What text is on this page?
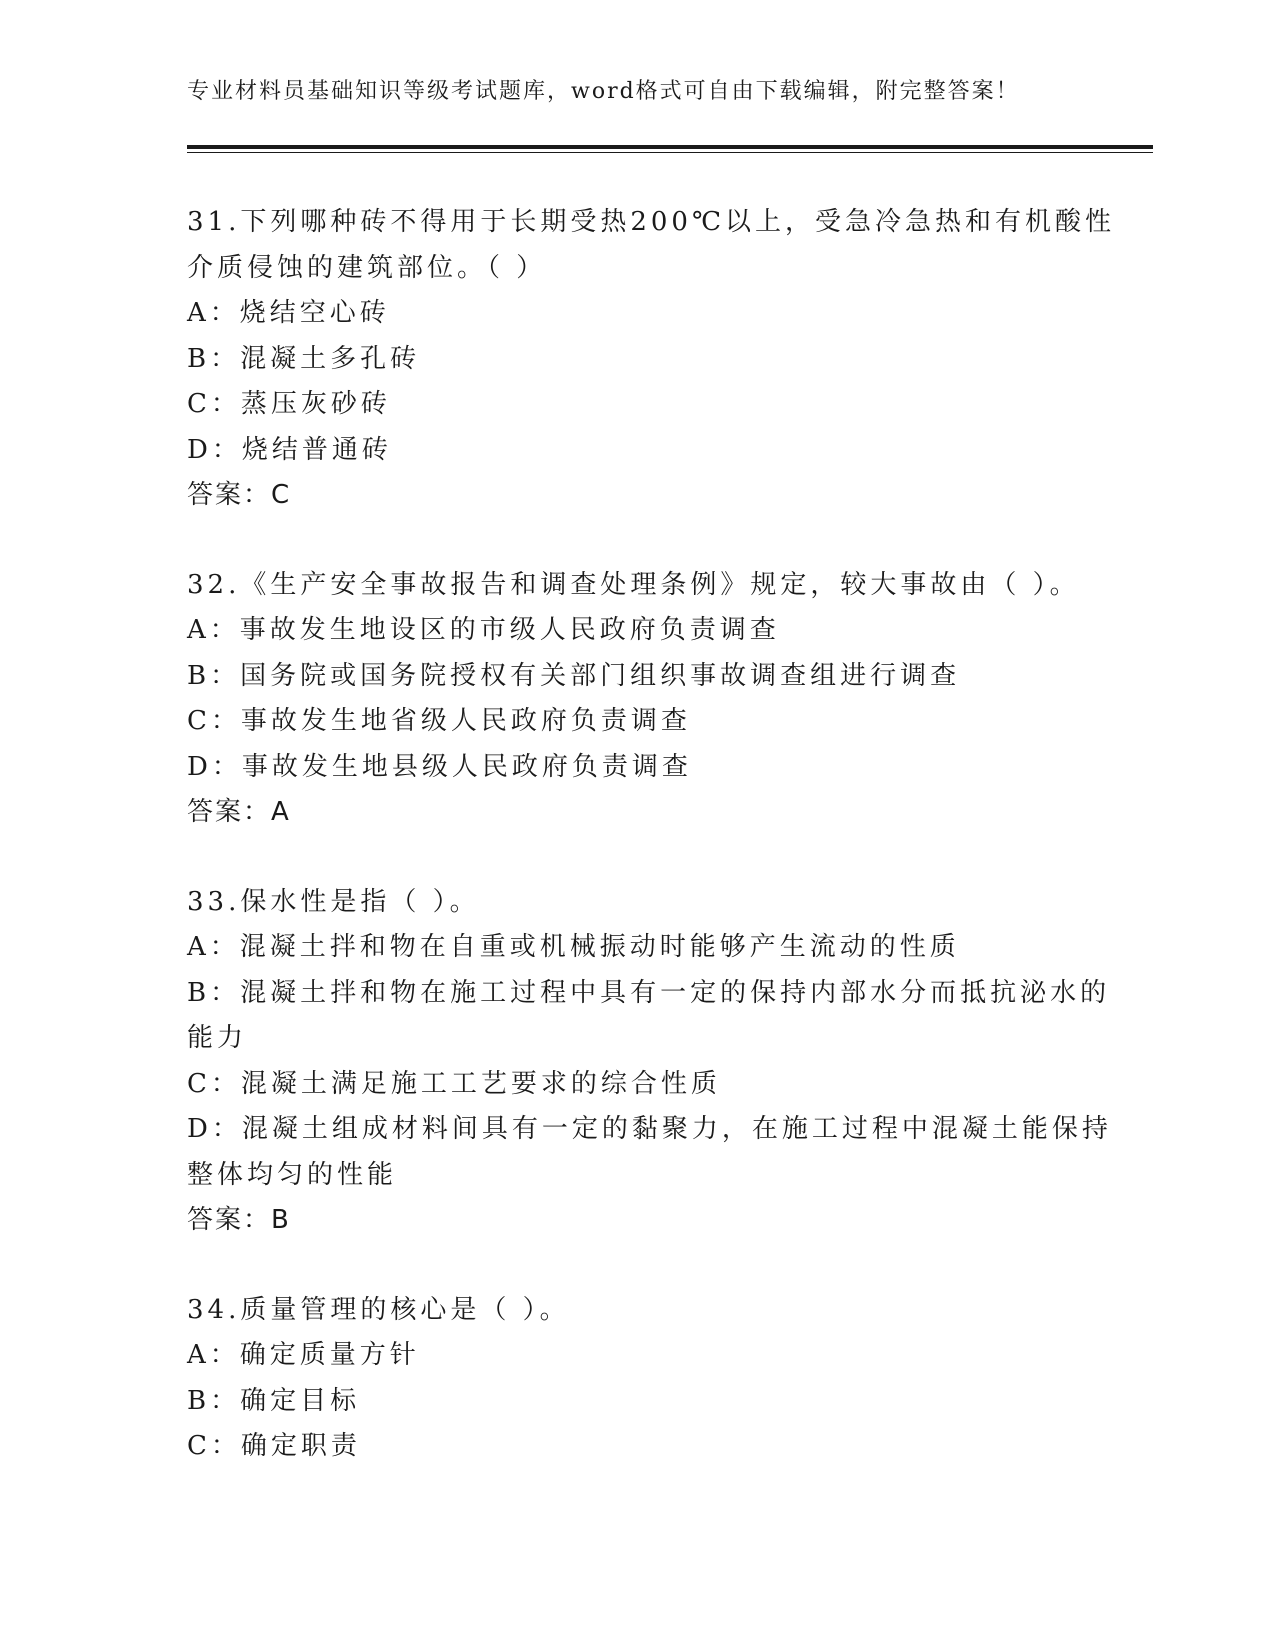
专业材料员基础知识等级考试题库，word格式可自由下载编辑，附完整答案！
31.下列哪种砖不得用于长期受热200℃以上，受急冷急热和有机酸性
介质侵蚀的建筑部位。（ ）
A：烧结空心砖
B：混凝土多孔砖
C：蒸压灰砂砖
D：烧结普通砖
答案：C
32.《生产安全事故报告和调查处理条例》规定，较大事故由（ ）。
A：事故发生地设区的市级人民政府负责调查
B：国务院或国务院授权有关部门组织事故调查组进行调查
C：事故发生地省级人民政府负责调查
D：事故发生地县级人民政府负责调查
答案：A
33.保水性是指（ ）。
A：混凝土拌和物在自重或机械振动时能够产生流动的性质
B：混凝土拌和物在施工过程中具有一定的保持内部水分而抵抗泌水的
能力
C：混凝土满足施工工艺要求的综合性质
D：混凝土组成材料间具有一定的黏聚力，在施工过程中混凝土能保持
整体均匀的性能
答案：B
34.质量管理的核心是（ ）。
A：确定质量方针
B：确定目标
C：确定职责
